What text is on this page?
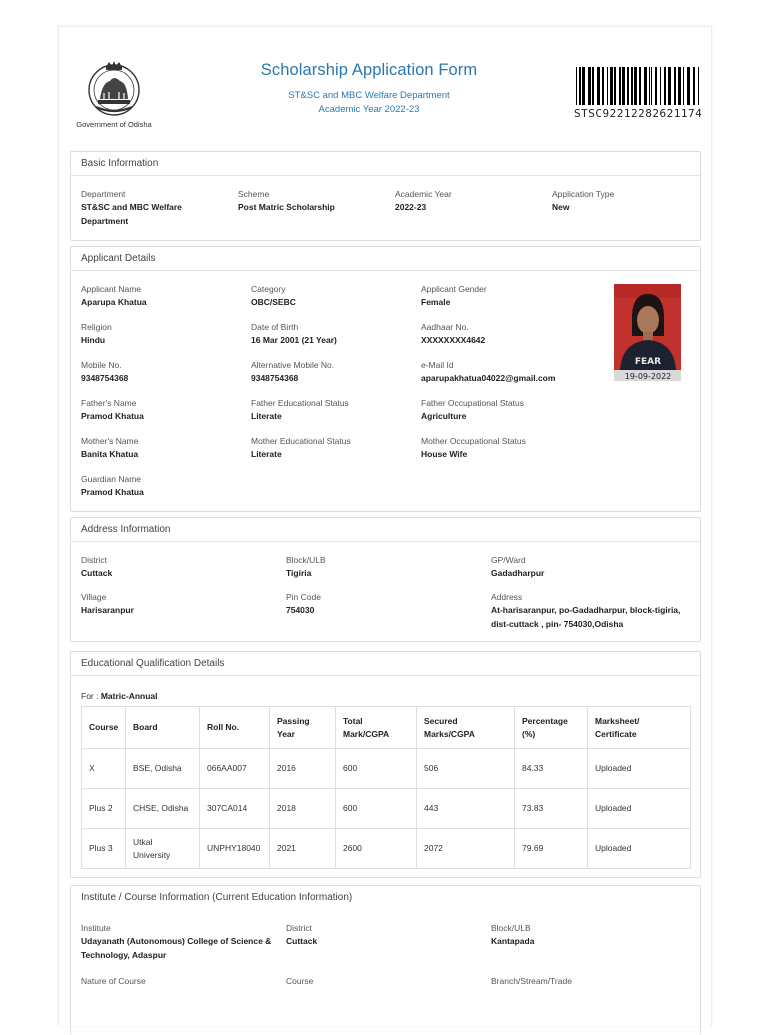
Government of Odisha
Scholarship Application Form
ST&SC and MBC Welfare Department
Academic Year 2022-23	STSC92212282621174
Basic Information
Department
ST&SC and MBC Welfare Department
Scheme
Post Matric Scholarship
Academic Year
2022-23
Application Type
New
Applicant Details
Applicant Name
Aparupa Khatua
Category
OBC/SEBC
Applicant Gender
Female
Religion
Hindu
Date of Birth
16 Mar 2001 (21 Year)
Aadhaar No.
XXXXXXXX4642
Mobile No.
9348754368
Alternative Mobile No.
9348754368
e-Mail Id
aparupakhatua04022@gmail.com
Father's Name
Pramod Khatua
Father Educational Status
Literate
Father Occupational Status
Agriculture
Mother's Name
Banita Khatua
Mother Educational Status
Literate
Mother Occupational Status
House Wife
Guardian Name
Pramod Khatua
FEAR
19-09-2022
Address Information
District
Cuttack
Block/ULB
Tigiria
GP/Ward
Gadadharpur
Village
Harisaranpur
Pin Code
754030
Address
At-harisaranpur, po-Gadadharpur, block-tigiria, dist-cuttack , pin- 754030,Odisha
Educational Qualification Details
For : Matric-Annual
Course	Board	Roll No.	Passing Year	Total Mark/CGPA	Secured Marks/CGPA	Percentage (%)	Marksheet/ Certificate
X	BSE, Odisha	066AA007	2016	600	506	84.33	Uploaded
Plus 2	CHSE, Odisha	307CA014	2018	600	443	73.83	Uploaded
Plus 3	Utkal University	UNPHY18040	2021	2600	2072	79.69	Uploaded
Institute / Course Information (Current Education Information)
Institute
Udayanath (Autonomous) College of Science & Technology, Adaspur
District
Cuttack
Block/ULB
Kantapada
Nature of Course	Course	Branch/Stream/Trade
